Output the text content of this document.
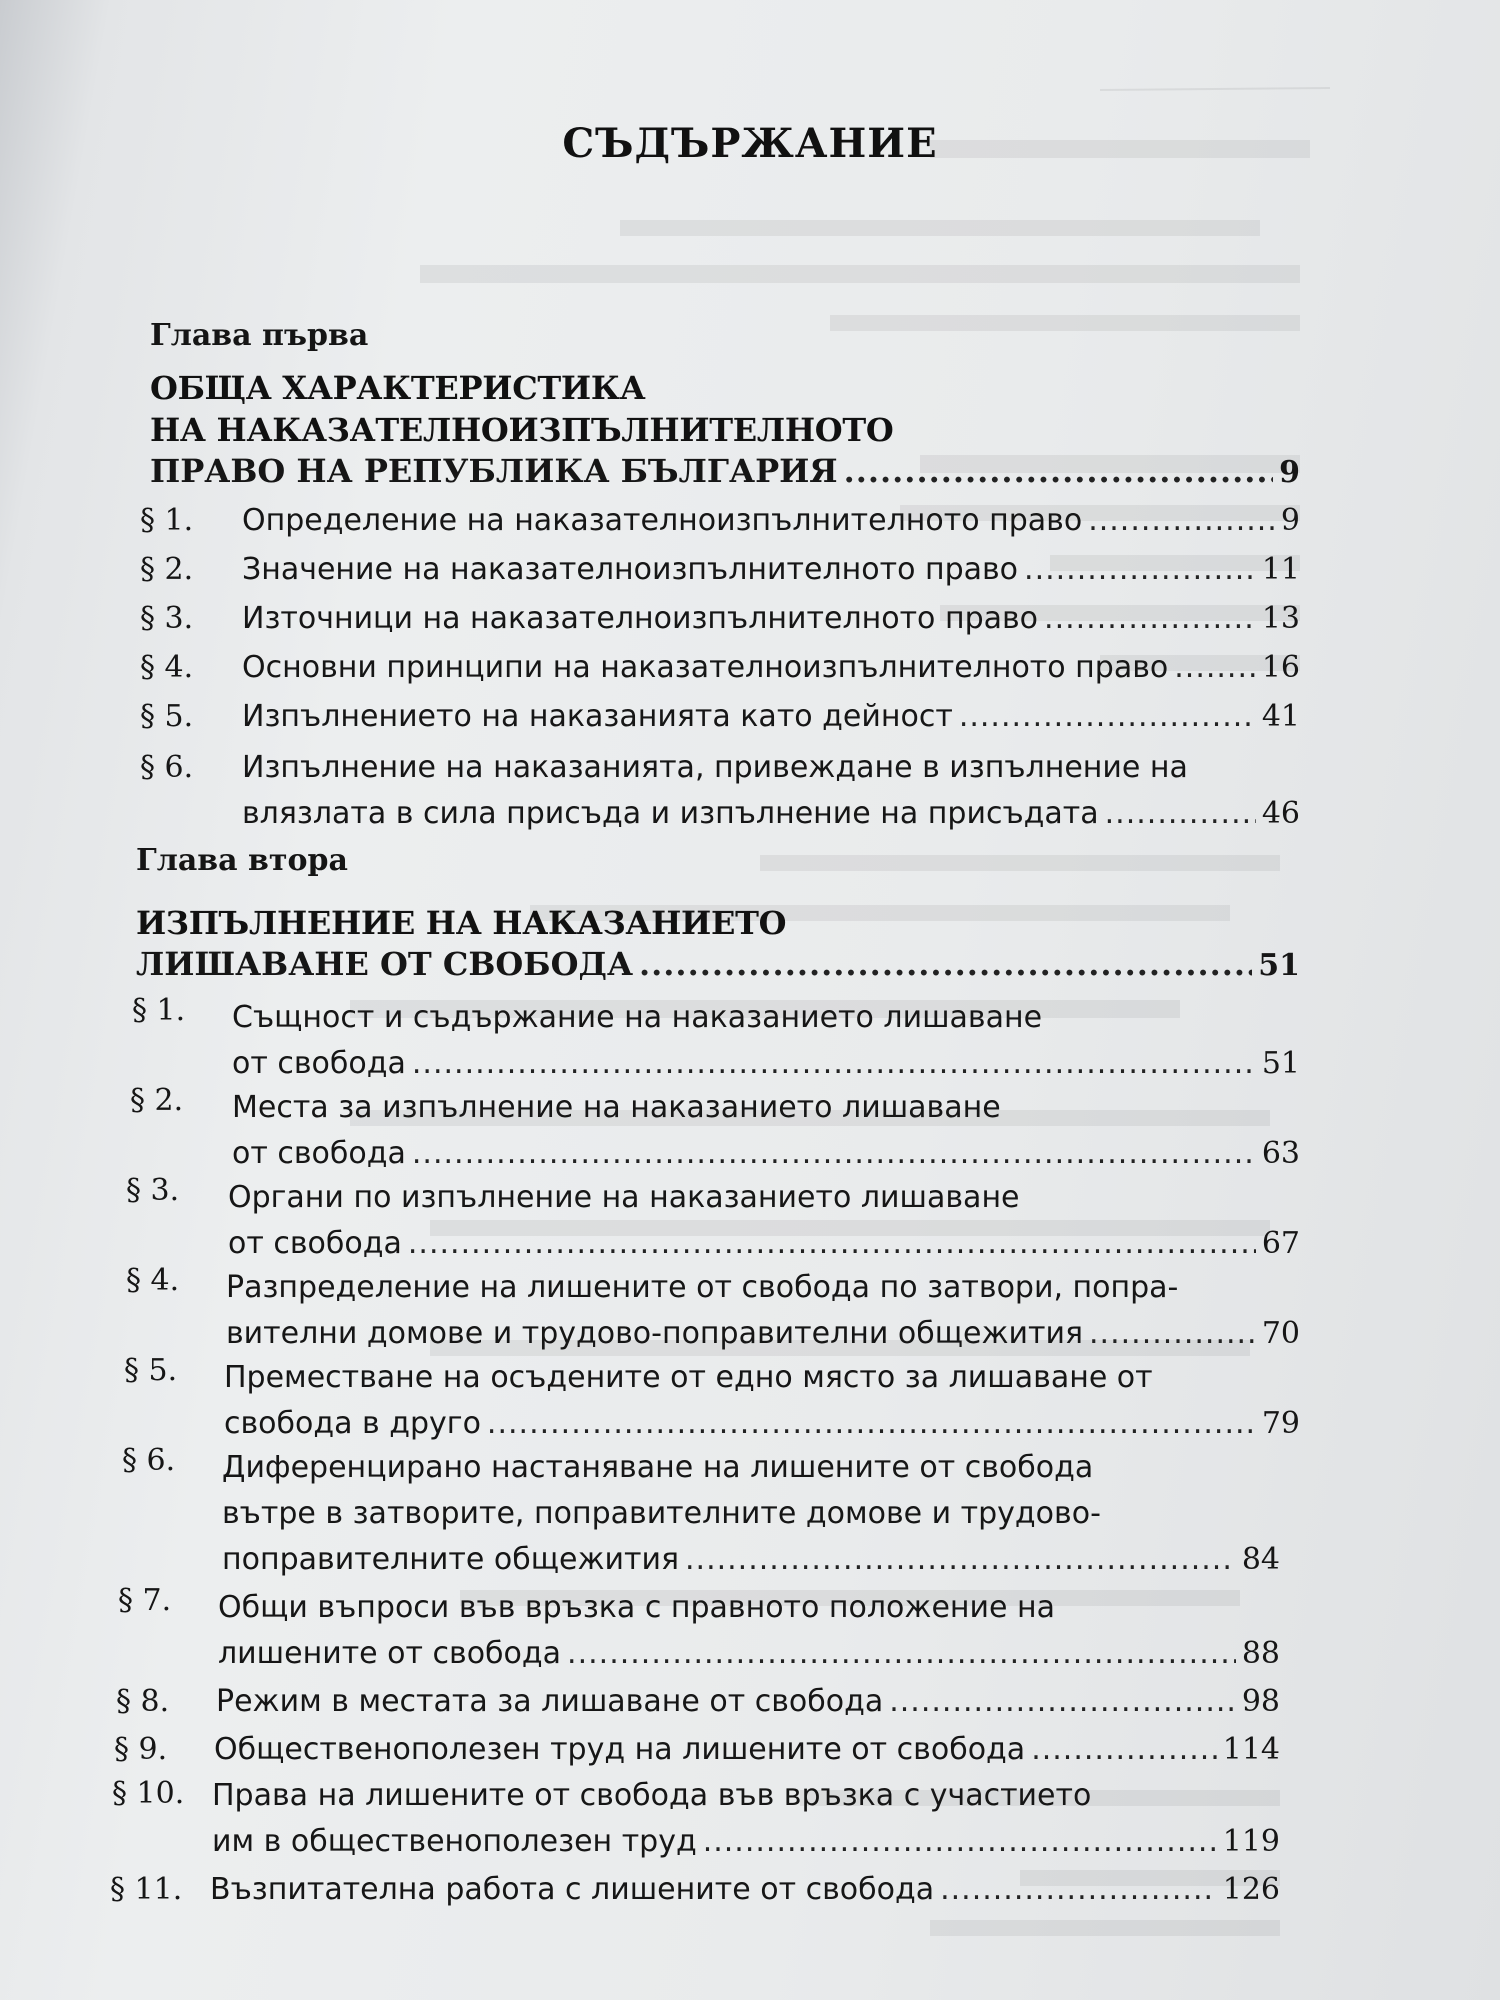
СЪДЪРЖАНИЕ
Глава първа
ОБЩА ХАРАКТЕРИСТИКА
НА НАКАЗАТЕЛНОИЗПЪЛНИТЕЛНОТО
ПРАВО НА РЕПУБЛИКА БЪЛГАРИЯ .....	9
§ 1. Определение на наказателноизпълнителното право .....	9
§ 2. Значение на наказателноизпълнителното право .....	11
§ 3. Източници на наказателноизпълнителното право .....	13
§ 4. Основни принципи на наказателноизпълнителното право .....	16
§ 5. Изпълнението на наказанията като дейност .....	41
§ 6. Изпълнение на наказанията, привеждане в изпълнение на
влязлата в сила присъда и изпълнение на присъдата .....	46
Глава втора
ИЗПЪЛНЕНИЕ НА НАКАЗАНИЕТО
ЛИШАВАНЕ ОТ СВОБОДА .....	51
§ 1. Същност и съдържание на наказанието лишаване
от свобода .....	51
§ 2. Места за изпълнение на наказанието лишаване
от свобода .....	63
§ 3. Органи по изпълнение на наказанието лишаване
от свобода .....	67
§ 4. Разпределение на лишените от свобода по затвори, попра-
вителни домове и трудово-поправителни общежития .....	70
§ 5. Преместване на осъдените от едно място за лишаване от
свобода в друго .....	79
§ 6. Диференцирано настаняване на лишените от свобода
вътре в затворите, поправителните домове и трудово-
поправителните общежития .....	84
§ 7. Общи въпроси във връзка с правното положение на
лишените от свобода .....	88
§ 8. Режим в местата за лишаване от свобода .....	98
§ 9. Общественополезен труд на лишените от свобода .....	114
§ 10. Права на лишените от свобода във връзка с участието
им в общественополезен труд .....	119
§ 11. Възпитателна работа с лишените от свобода .....	126
